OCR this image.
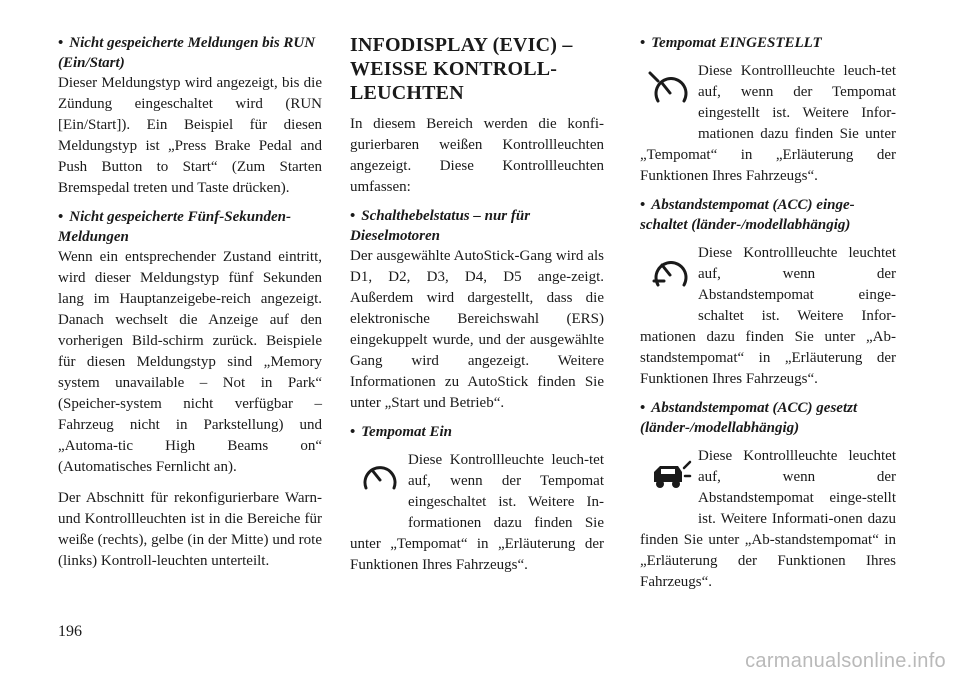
• Nicht gespeicherte Meldungen bis RUN (Ein/Start)

Dieser Meldungstyp wird angezeigt, bis die Zündung eingeschaltet wird (RUN [Ein/Start]). Ein Beispiel für diesen Meldungstyp ist „Press Brake Pedal and Push Button to Start“ (Zum Starten Bremspedal treten und Taste drücken).

• Nicht gespeicherte Fünf-Sekunden-Meldungen

Wenn ein entsprechender Zustand eintritt, wird dieser Meldungstyp fünf Sekunden lang im Hauptanzeigebe-reich angezeigt. Danach wechselt die Anzeige auf den vorherigen Bild-schirm zurück. Beispiele für diesen Meldungstyp sind „Memory system unavailable – Not in Park“ (Speicher-system nicht verfügbar – Fahrzeug nicht in Parkstellung) und „Automa-tic High Beams on“ (Automatisches Fernlicht an).

Der Abschnitt für rekonfigurierbare Warn- und Kontrollleuchten ist in die Bereiche für weiße (rechts), gelbe (in der Mitte) und rote (links) Kontroll-leuchten unterteilt.

INFODISPLAY (EVIC) – WEISSE KONTROLL-LEUCHTEN

In diesem Bereich werden die konfi-gurierbaren weißen Kontrollleuchten angezeigt. Diese Kontrollleuchten umfassen:

• Schalthebelstatus – nur für Dieselmotoren

Der ausgewählte AutoStick-Gang wird als D1, D2, D3, D4, D5 ange-zeigt. Außerdem wird dargestellt, dass die elektronische Bereichswahl (ERS) eingekuppelt wurde, und der ausgewählte Gang wird angezeigt. Weitere Informationen zu AutoStick finden Sie unter „Start und Betrieb“.

• Tempomat Ein

Diese Kontrollleuchte leuch-tet auf, wenn der Tempomat eingeschaltet ist. Weitere In-formationen dazu finden Sie unter „Tempomat“ in „Erläuterung der Funktionen Ihres Fahrzeugs“.

• Tempomat EINGESTELLT

Diese Kontrollleuchte leuch-tet auf, wenn der Tempomat eingestellt ist. Weitere Infor-mationen dazu finden Sie unter „Tempomat“ in „Erläuterung der Funktionen Ihres Fahrzeugs“.

• Abstandstempomat (ACC) einge-schaltet (länder-/modellabhängig)

Diese Kontrollleuchte leuchtet auf, wenn der Abstandstempomat einge-schaltet ist. Weitere Infor-mationen dazu finden Sie unter „Ab-standstempomat“ in „Erläuterung der Funktionen Ihres Fahrzeugs“.

• Abstandstempomat (ACC) gesetzt (länder-/modellabhängig)

Diese Kontrollleuchte leuchtet auf, wenn der Abstandstempomat einge-stellt ist. Weitere Informati-onen dazu finden Sie unter „Ab-standstempomat“ in „Erläuterung der Funktionen Ihres Fahrzeugs“.

196

carmanualsonline.info
